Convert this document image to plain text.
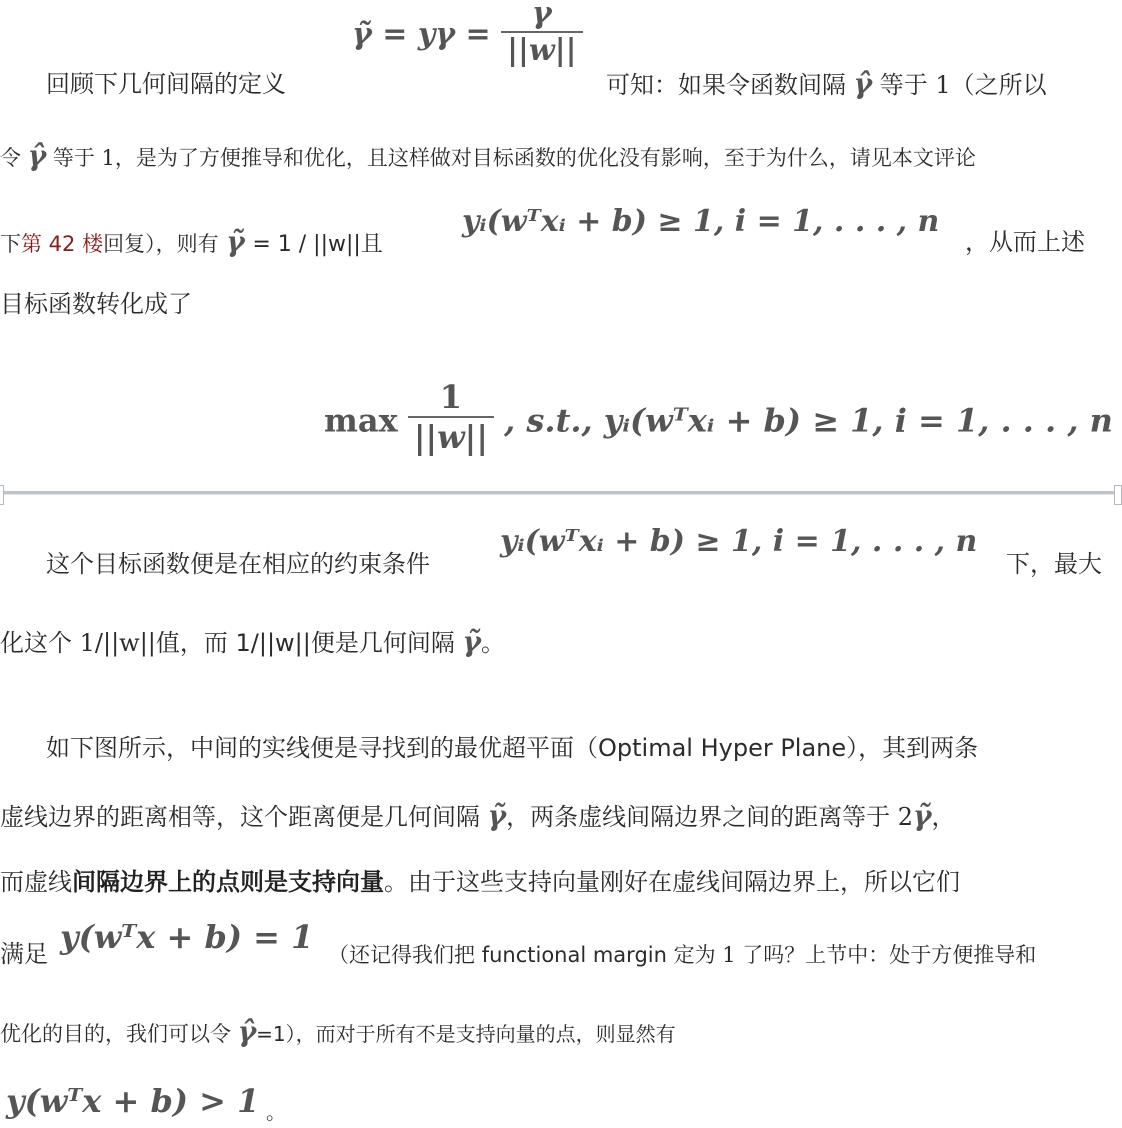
γ̃ = $y\gamma = \frac{\gamma}{||w||}$
回顾下几何间隔的定义	可知：如果令函数间隔 γ̂ 等于 1（之所以
令 γ̂ 等于 1，是为了方便推导和优化，且这样做对目标函数的优化没有影响，至于为什么，请见本文评论
下第 42 楼回复），则有 γ̃ = 1 / ||w||且
yᵢ(wᵀxᵢ + b) ≥ 1, i = 1, . . . , n
，从而上述
目标函数转化成了
$\max \frac{1}{||w||}$ , s.t., yᵢ(wᵀxᵢ + b) ≥ 1, i = 1, . . . , n
这个目标函数便是在相应的约束条件
yᵢ(wᵀxᵢ + b) ≥ 1, i = 1, . . . , n
下，最大
化这个 1/||w||值，而 1/||w||便是几何间隔 γ̃。
如下图所示，中间的实线便是寻找到的最优超平面（Optimal Hyper Plane），其到两条
虚线边界的距离相等，这个距离便是几何间隔 γ̃，两条虚线间隔边界之间的距离等于 2γ̃，
而虚线间隔边界上的点则是支持向量。由于这些支持向量刚好在虚线间隔边界上，所以它们
满足 y(wᵀx + b) = 1 （还记得我们把 functional margin 定为 1 了吗？上节中：处于方便推导和
优化的目的，我们可以令 γ̂=1），而对于所有不是支持向量的点，则显然有
y(wᵀx + b) > 1 。
